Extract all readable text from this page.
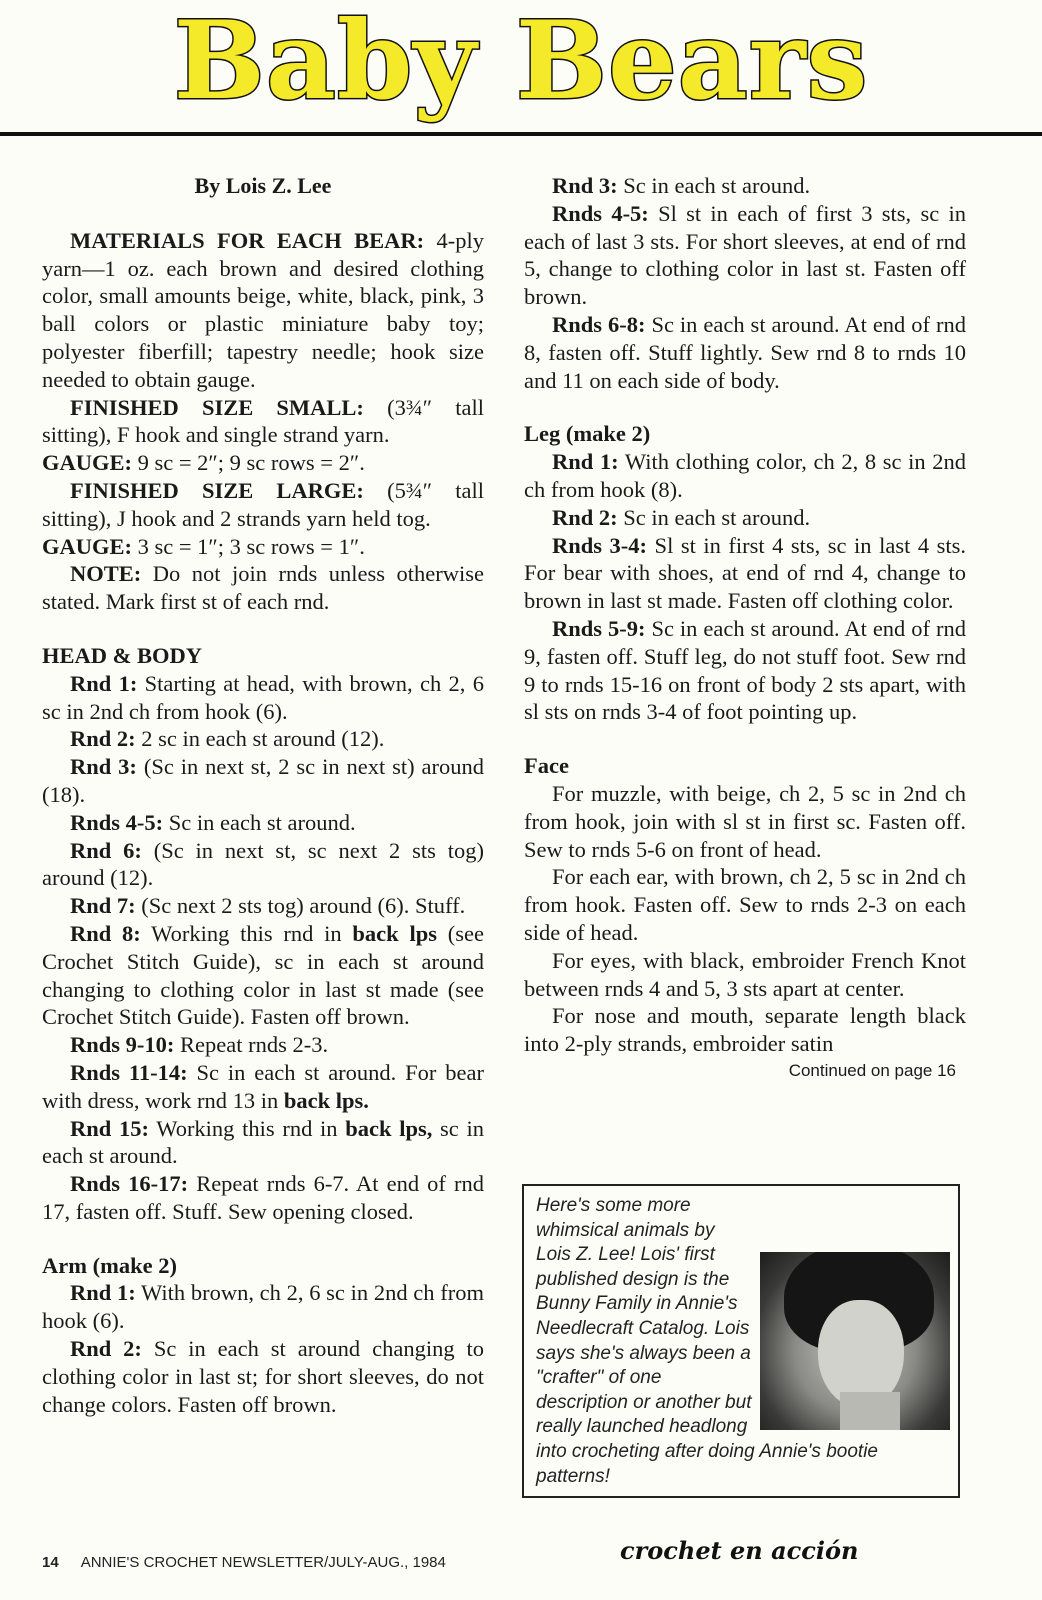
Baby Bears
By Lois Z. Lee

MATERIALS FOR EACH BEAR: 4-ply yarn—1 oz. each brown and desired clothing color, small amounts beige, white, black, pink, 3 ball colors or plastic miniature baby toy; polyester fiberfill; tapestry needle; hook size needed to obtain gauge.

FINISHED SIZE SMALL: (3¾″ tall sitting), F hook and single strand yarn.

GAUGE: 9 sc = 2″; 9 sc rows = 2″.

FINISHED SIZE LARGE: (5¾″ tall sitting), J hook and 2 strands yarn held tog.

GAUGE: 3 sc = 1″; 3 sc rows = 1″.

NOTE: Do not join rnds unless otherwise stated. Mark first st of each rnd.

HEAD & BODY

Rnd 1: Starting at head, with brown, ch 2, 6 sc in 2nd ch from hook (6).

Rnd 2: 2 sc in each st around (12).

Rnd 3: (Sc in next st, 2 sc in next st) around (18).

Rnds 4-5: Sc in each st around.

Rnd 6: (Sc in next st, sc next 2 sts tog) around (12).

Rnd 7: (Sc next 2 sts tog) around (6). Stuff.

Rnd 8: Working this rnd in back lps (see Crochet Stitch Guide), sc in each st around changing to clothing color in last st made (see Crochet Stitch Guide). Fasten off brown.

Rnds 9-10: Repeat rnds 2-3.

Rnds 11-14: Sc in each st around. For bear with dress, work rnd 13 in back lps.

Rnd 15: Working this rnd in back lps, sc in each st around.

Rnds 16-17: Repeat rnds 6-7. At end of rnd 17, fasten off. Stuff. Sew opening closed.

Arm (make 2)

Rnd 1: With brown, ch 2, 6 sc in 2nd ch from hook (6).

Rnd 2: Sc in each st around changing to clothing color in last st; for short sleeves, do not change colors. Fasten off brown.

Rnd 3: Sc in each st around.

Rnds 4-5: Sl st in each of first 3 sts, sc in each of last 3 sts. For short sleeves, at end of rnd 5, change to clothing color in last st. Fasten off brown.

Rnds 6-8: Sc in each st around. At end of rnd 8, fasten off. Stuff lightly. Sew rnd 8 to rnds 10 and 11 on each side of body.

Leg (make 2)

Rnd 1: With clothing color, ch 2, 8 sc in 2nd ch from hook (8).

Rnd 2: Sc in each st around.

Rnds 3-4: Sl st in first 4 sts, sc in last 4 sts. For bear with shoes, at end of rnd 4, change to brown in last st made. Fasten off clothing color.

Rnds 5-9: Sc in each st around. At end of rnd 9, fasten off. Stuff leg, do not stuff foot. Sew rnd 9 to rnds 15-16 on front of body 2 sts apart, with sl sts on rnds 3-4 of foot pointing up.

Face

For muzzle, with beige, ch 2, 5 sc in 2nd ch from hook, join with sl st in first sc. Fasten off. Sew to rnds 5-6 on front of head.

For each ear, with brown, ch 2, 5 sc in 2nd ch from hook. Fasten off. Sew to rnds 2-3 on each side of head.

For eyes, with black, embroider French Knot between rnds 4 and 5, 3 sts apart at center.

For nose and mouth, separate length black into 2-ply strands, embroider satin

Continued on page 16
Here's some more whimsical animals by Lois Z. Lee! Lois' first published design is the Bunny Family in Annie's Needlecraft Catalog. Lois says she's always been a "crafter" of one description or another but really launched headlong into crocheting after doing Annie's bootie patterns!
14 ANNIE'S CROCHET NEWSLETTER/JULY-AUG., 1984	crochet en acción
